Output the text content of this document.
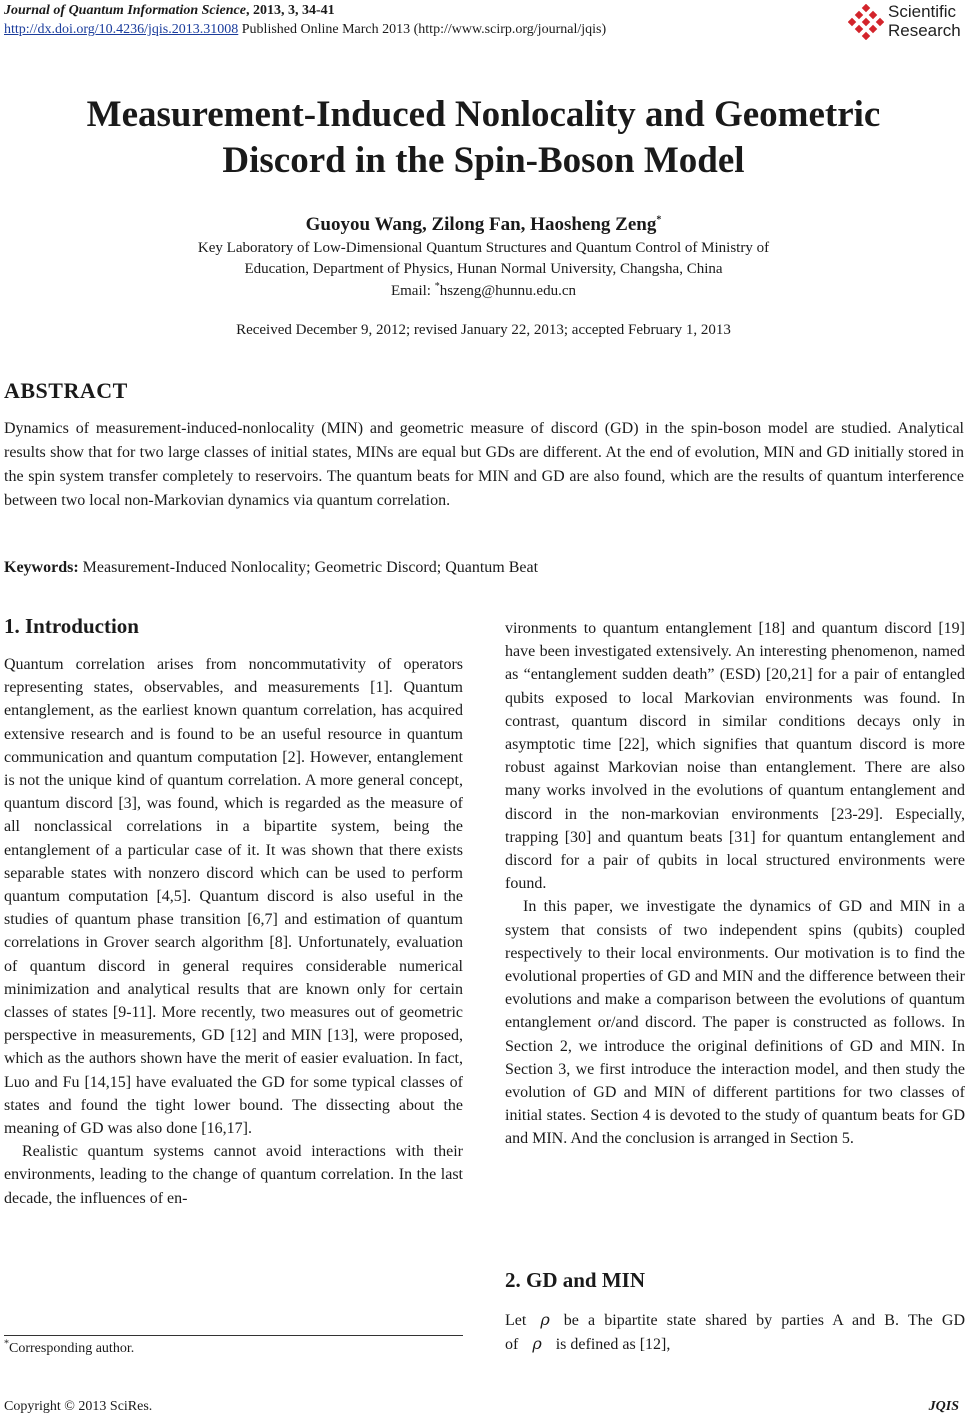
Journal of Quantum Information Science, 2013, 3, 34-41
http://dx.doi.org/10.4236/jqis.2013.31008 Published Online March 2013 (http://www.scirp.org/journal/jqis)
Scientific
Research
Measurement-Induced Nonlocality and Geometric
Discord in the Spin-Boson Model
Guoyou Wang, Zilong Fan, Haosheng Zeng*
Key Laboratory of Low-Dimensional Quantum Structures and Quantum Control of Ministry of
Education, Department of Physics, Hunan Normal University, Changsha, China
Email: *hszeng@hunnu.edu.cn
Received December 9, 2012; revised January 22, 2013; accepted February 1, 2013
ABSTRACT
Dynamics of measurement-induced-nonlocality (MIN) and geometric measure of discord (GD) in the spin-boson model are studied. Analytical results show that for two large classes of initial states, MINs are equal but GDs are different. At the end of evolution, MIN and GD initially stored in the spin system transfer completely to reservoirs. The quantum beats for MIN and GD are also found, which are the results of quantum interference between two local non-Markovian dynamics via quantum correlation.
Keywords: Measurement-Induced Nonlocality; Geometric Discord; Quantum Beat
1. Introduction

Quantum correlation arises from noncommutativity of operators representing states, observables, and measurements [1]. Quantum entanglement, as the earliest known quantum correlation, has acquired extensive research and is found to be an useful resource in quantum communication and quantum computation [2]. However, entanglement is not the unique kind of quantum correlation. A more general concept, quantum discord [3], was found, which is regarded as the measure of all nonclassical correlations in a bipartite system, being the entanglement of a particular case of it. It was shown that there exists separable states with nonzero discord which can be used to perform quantum computation [4,5]. Quantum discord is also useful in the studies of quantum phase transition [6,7] and estimation of quantum correlations in Grover search algorithm [8]. Unfortunately, evaluation of quantum discord in general requires considerable numerical minimization and analytical results that are known only for certain classes of states [9-11]. More recently, two measures out of geometric perspective in measurements, GD [12] and MIN [13], were proposed, which as the authors shown have the merit of easier evaluation. In fact, Luo and Fu [14,15] have evaluated the GD for some typical classes of states and found the tight lower bound. The dissecting about the meaning of GD was also done [16,17].

Realistic quantum systems cannot avoid interactions with their environments, leading to the change of quantum correlation. In the last decade, the influences of en-

vironments to quantum entanglement [18] and quantum discord [19] have been investigated extensively. An interesting phenomenon, named as “entanglement sudden death” (ESD) [20,21] for a pair of entangled qubits exposed to local Markovian environments was found. In contrast, quantum discord in similar conditions decays only in asymptotic time [22], which signifies that quantum discord is more robust against Markovian noise than entanglement. There are also many works involved in the evolutions of quantum entanglement and discord in the non-markovian environments [23-29]. Especially, trapping [30] and quantum beats [31] for quantum entanglement and discord for a pair of qubits in local structured environments were found.

In this paper, we investigate the dynamics of GD and MIN in a system that consists of two independent spins (qubits) coupled respectively to their local environments. Our motivation is to find the evolutional properties of GD and MIN and the difference between their evolutions and make a comparison between the evolutions of quantum entanglement or/and discord. The paper is constructed as follows. In Section 2, we introduce the original definitions of GD and MIN. In Section 3, we first introduce the interaction model, and then study the evolution of GD and MIN of different partitions for two classes of initial states. Section 4 is devoted to the study of quantum beats for GD and MIN. And the conclusion is arranged in Section 5.

2. GD and MIN
Let ρ be a bipartite state shared by parties A and B. The GD of ρ is defined as [12],
*Corresponding author.
Copyright © 2013 SciRes.	JQIS
